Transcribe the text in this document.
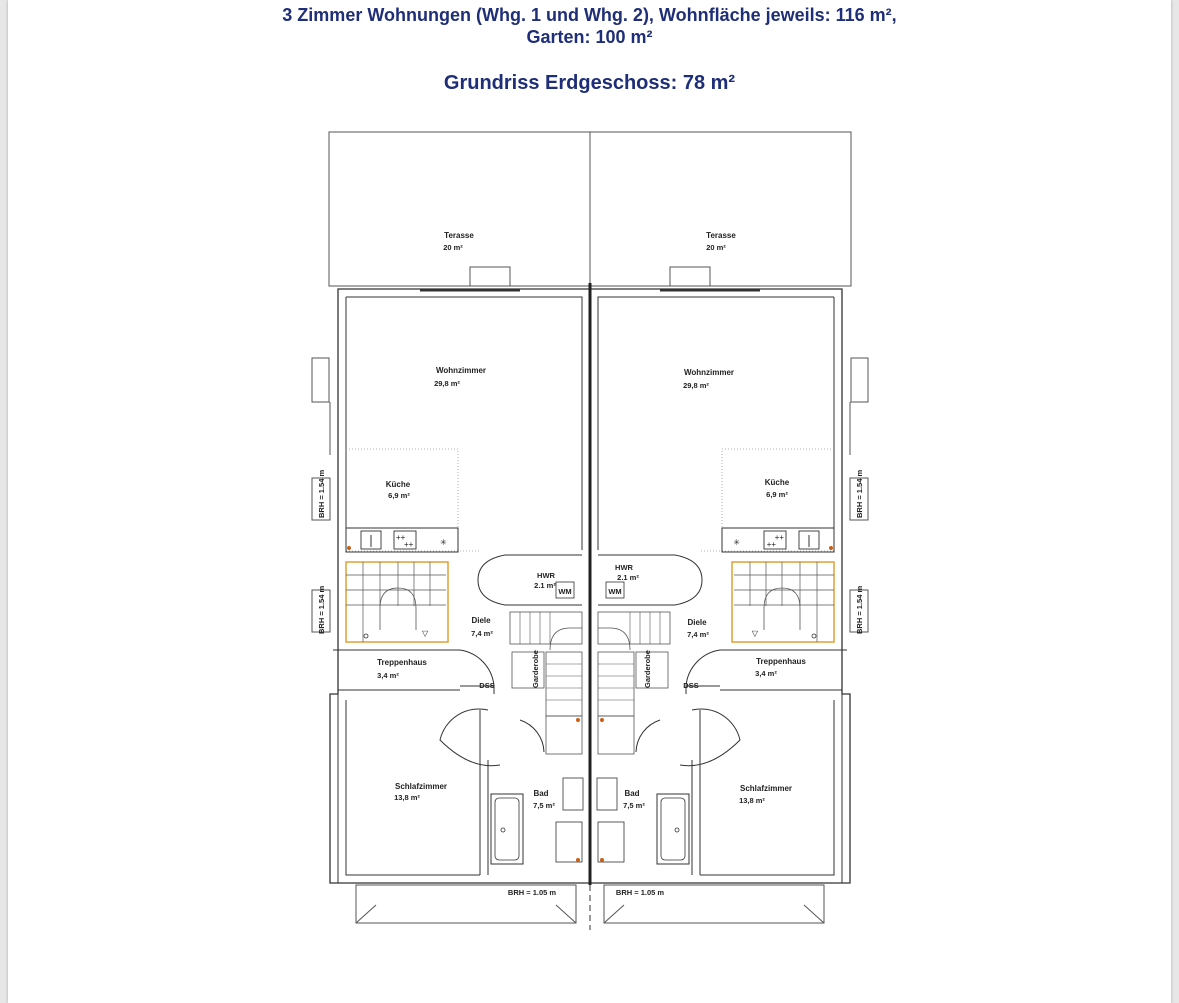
3 Zimmer Wohnungen (Whg. 1 und Whg. 2), Wohnfläche jeweils: 116 m²,
Garten: 100 m²
Grundriss Erdgeschoss: 78 m²
Terasse
20 m²
Wohnzimmer
29,8 m²
Küche
6,9 m²
HWR
2.1 m²
WM
Diele
7,4 m²
Treppenhaus
3,4 m²
DSS	Garderobe
Schlafzimmer
13,8 m²	Bad
7,5 m²
BRH = 1.54 m
BRH = 1.54 m
BRH = 1.05 m
Terasse
20 m²
Wohnzimmer
29,8 m²
Küche
6,9 m²
HWR
2.1 m²
WM
Diele
7,4 m²
Treppenhaus
3,4 m²
DSS
Garderobe
Schlafzimmer
13,8 m²
Bad
7,5 m²
BRH = 1.54 m
BRH = 1.54 m
BRH = 1.05 m
